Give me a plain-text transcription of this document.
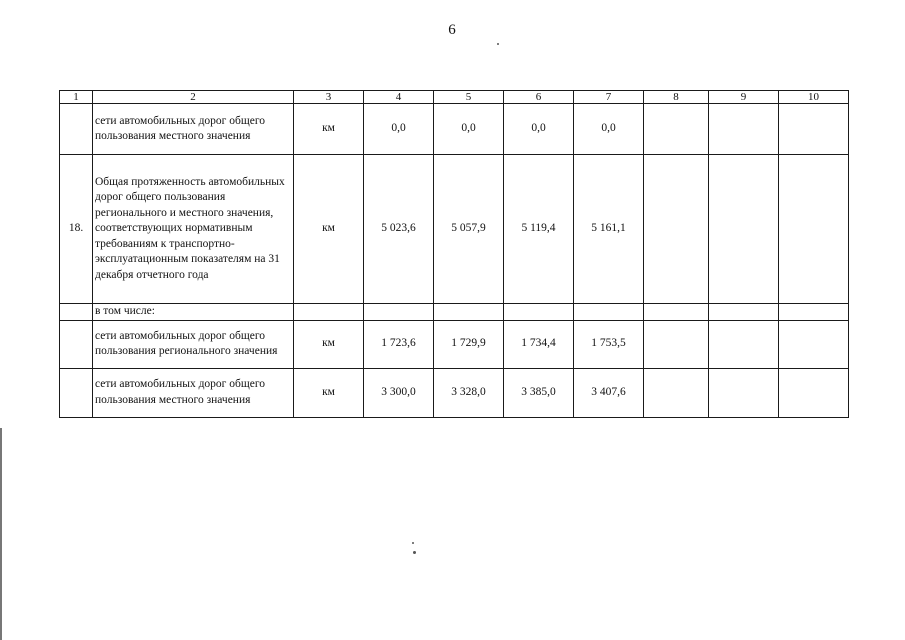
6
1	2	3	4	5	6	7	8	9	10
	сети автомобильных дорог общего пользования местного значения	км	0,0	0,0	0,0	0,0			
18.	Общая протяженность автомобильных дорог общего пользования регионального и местного значения, соответствующих нормативным требованиям к транспортно-эксплуатационным показателям на 31 декабря отчетного года	км	5 023,6	5 057,9	5 119,4	5 161,1			
	в том числе:								
	сети автомобильных дорог общего пользования регионального значения	км	1 723,6	1 729,9	1 734,4	1 753,5			
	сети автомобильных дорог общего пользования местного значения	км	3 300,0	3 328,0	3 385,0	3 407,6			
